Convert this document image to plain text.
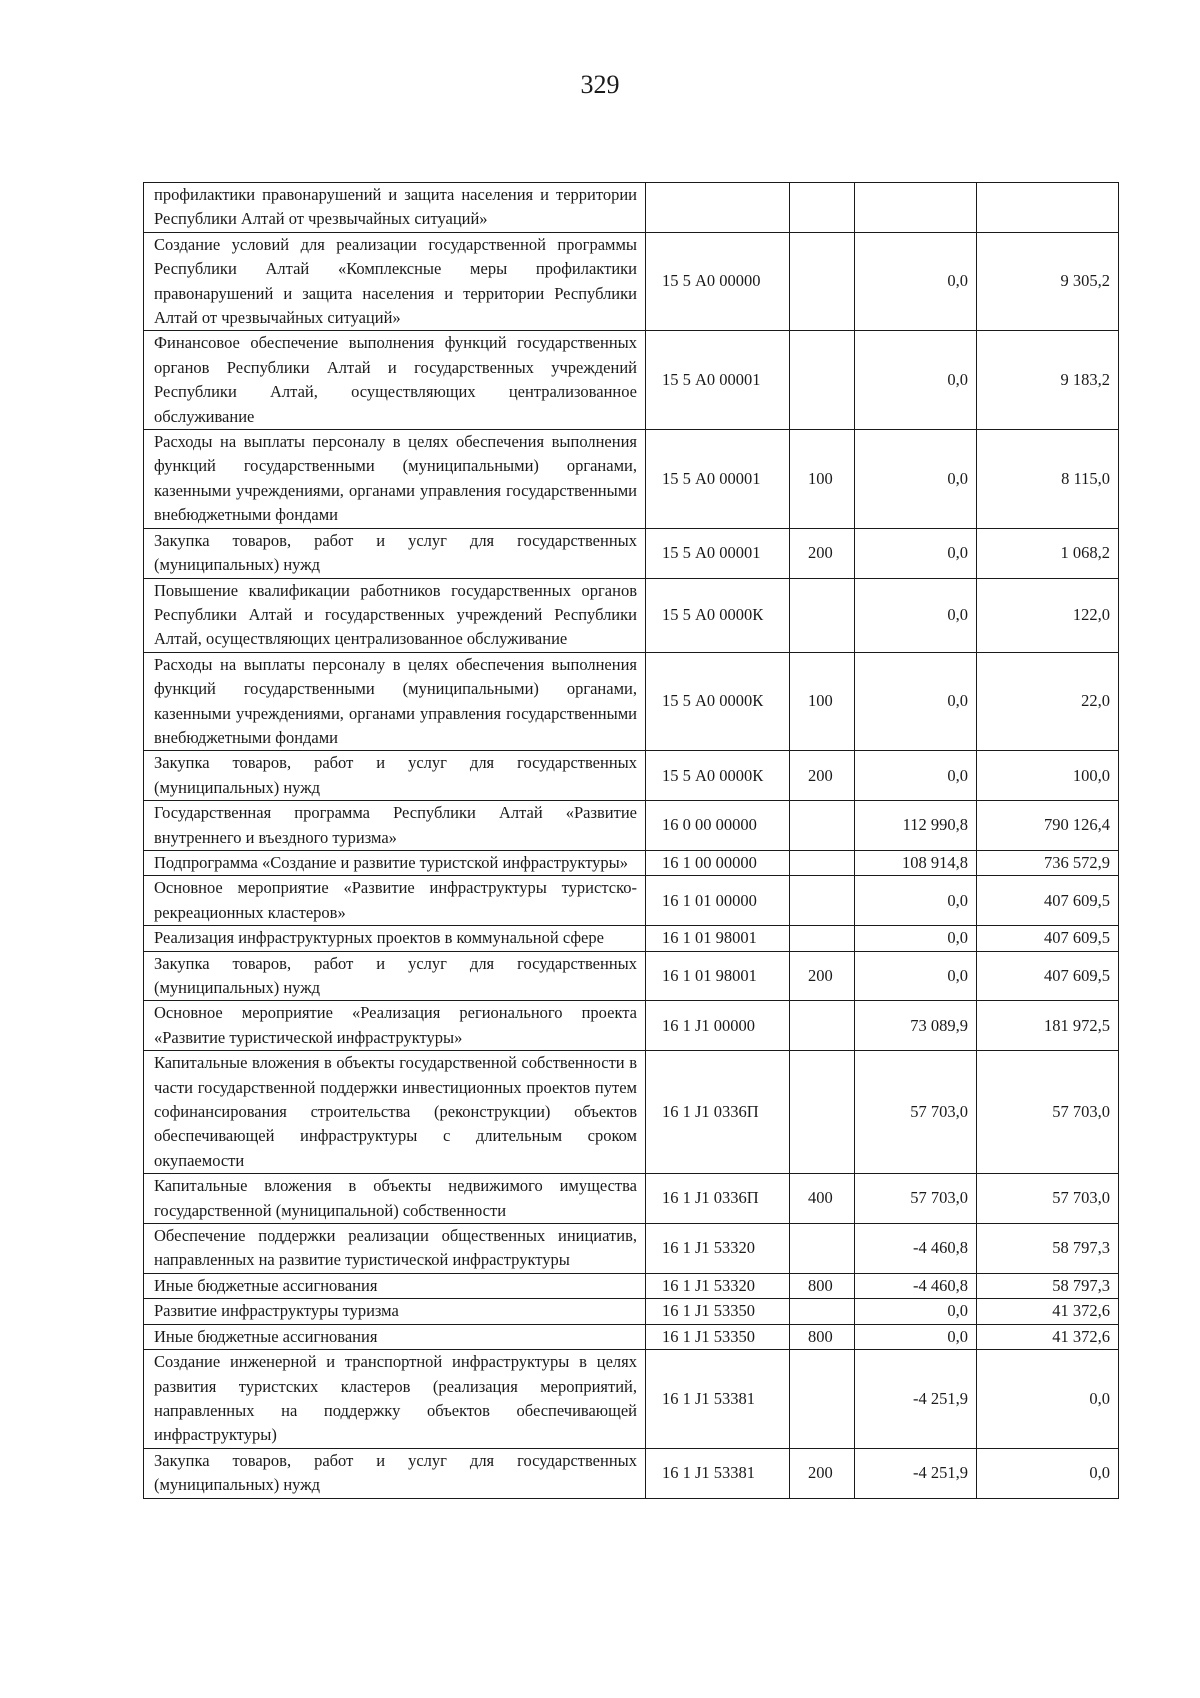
329
профилактики правонарушений и защита населения и территории Республики Алтай от чрезвычайных ситуаций»				
Создание условий для реализации государственной программы Республики Алтай «Комплексные меры профилактики правонарушений и защита населения и территории Республики Алтай от чрезвычайных ситуаций»	15 5 А0 00000		0,0	9 305,2
Финансовое обеспечение выполнения функций государственных органов Республики Алтай и государственных учреждений Республики Алтай, осуществляющих централизованное обслуживание	15 5 А0 00001		0,0	9 183,2
Расходы на выплаты персоналу в целях обеспечения выполнения функций государственными (муниципальными) органами, казенными учреждениями, органами управления государственными внебюджетными фондами	15 5 А0 00001	100	0,0	8 115,0
Закупка товаров, работ и услуг для государственных (муниципальных) нужд	15 5 А0 00001	200	0,0	1 068,2
Повышение квалификации работников государственных органов Республики Алтай и государственных учреждений Республики Алтай, осуществляющих централизованное обслуживание	15 5 А0 0000К		0,0	122,0
Расходы на выплаты персоналу в целях обеспечения выполнения функций государственными (муниципальными) органами, казенными учреждениями, органами управления государственными внебюджетными фондами	15 5 А0 0000К	100	0,0	22,0
Закупка товаров, работ и услуг для государственных (муниципальных) нужд	15 5 А0 0000К	200	0,0	100,0
Государственная программа Республики Алтай «Развитие внутреннего и въездного туризма»	16 0 00 00000		112 990,8	790 126,4
Подпрограмма «Создание и развитие туристской инфраструктуры»	16 1 00 00000		108 914,8	736 572,9
Основное мероприятие «Развитие инфраструктуры туристско-рекреационных кластеров»	16 1 01 00000		0,0	407 609,5
Реализация инфраструктурных проектов в коммунальной сфере	16 1 01 98001		0,0	407 609,5
Закупка товаров, работ и услуг для государственных (муниципальных) нужд	16 1 01 98001	200	0,0	407 609,5
Основное мероприятие «Реализация регионального проекта «Развитие туристической инфраструктуры»	16 1 J1 00000		73 089,9	181 972,5
Капитальные вложения в объекты государственной собственности в части государственной поддержки инвестиционных проектов путем софинансирования строительства (реконструкции) объектов обеспечивающей инфраструктуры с длительным сроком окупаемости	16 1 J1 0336П		57 703,0	57 703,0
Капитальные вложения в объекты недвижимого имущества государственной (муниципальной) собственности	16 1 J1 0336П	400	57 703,0	57 703,0
Обеспечение поддержки реализации общественных инициатив, направленных на развитие туристической инфраструктуры	16 1 J1 53320		-4 460,8	58 797,3
Иные бюджетные ассигнования	16 1 J1 53320	800	-4 460,8	58 797,3
Развитие инфраструктуры туризма	16 1 J1 53350		0,0	41 372,6
Иные бюджетные ассигнования	16 1 J1 53350	800	0,0	41 372,6
Создание инженерной и транспортной инфраструктуры в целях развития туристских кластеров (реализация мероприятий, направленных на поддержку объектов обеспечивающей инфраструктуры)	16 1 J1 53381		-4 251,9	0,0
Закупка товаров, работ и услуг для государственных (муниципальных) нужд	16 1 J1 53381	200	-4 251,9	0,0
